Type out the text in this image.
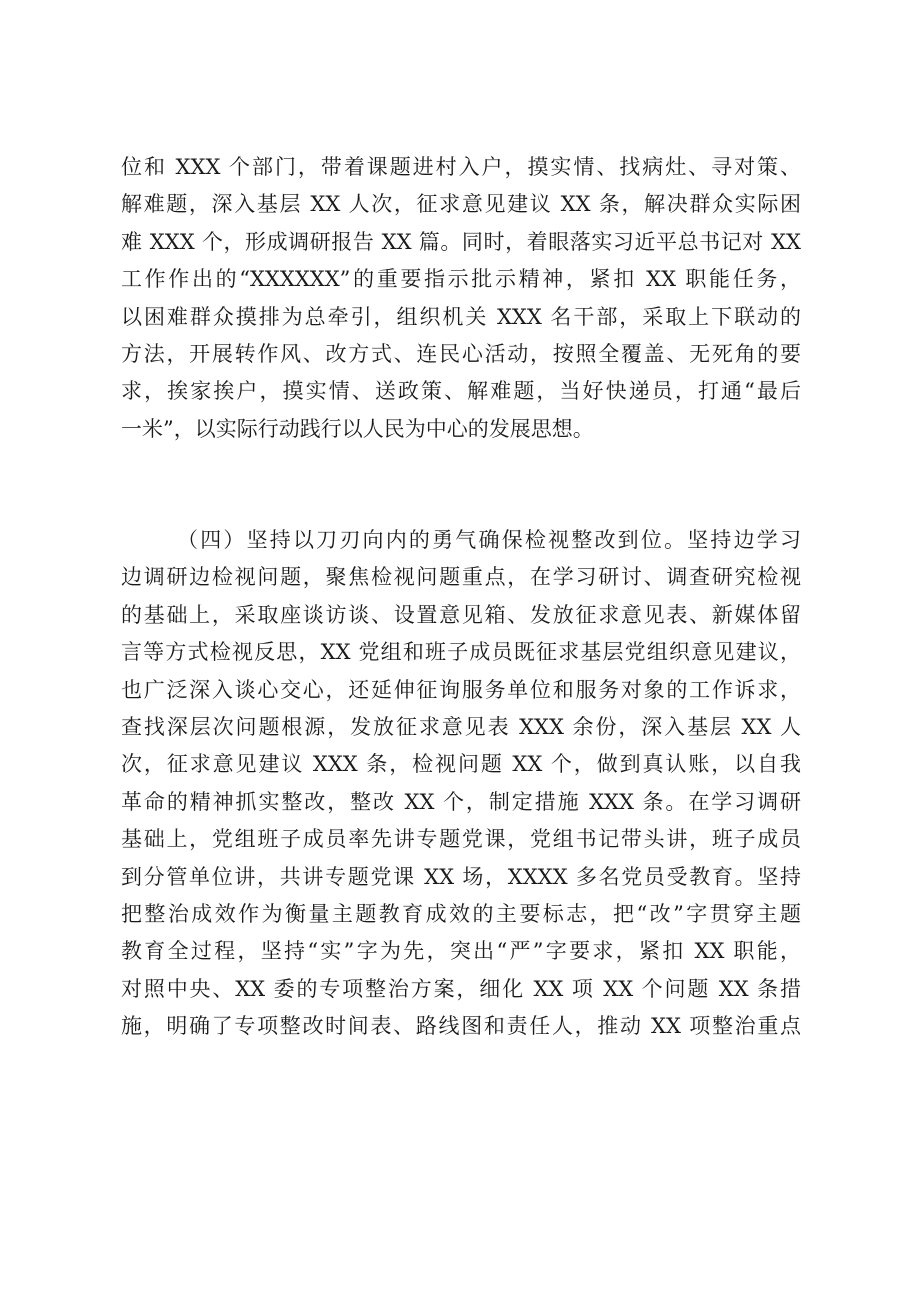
位和 XXX 个部门，带着课题进村入户，摸实情、找病灶、寻对策、
解难题，深入基层 XX 人次，征求意见建议 XX 条，解决群众实际困
难 XXX 个，形成调研报告 XX 篇。同时，着眼落实习近平总书记对 XX
工作作出的“XXXXXX”的重要指示批示精神，紧扣 XX 职能任务，
以困难群众摸排为总牵引，组织机关 XXX 名干部，采取上下联动的
方法，开展转作风、改方式、连民心活动，按照全覆盖、无死角的要
求，挨家挨户，摸实情、送政策、解难题，当好快递员，打通“最后
一米”，以实际行动践行以人民为中心的发展思想。
（四）坚持以刀刃向内的勇气确保检视整改到位。坚持边学习
边调研边检视问题，聚焦检视问题重点，在学习研讨、调查研究检视
的基础上，采取座谈访谈、设置意见箱、发放征求意见表、新媒体留
言等方式检视反思，XX 党组和班子成员既征求基层党组织意见建议，
也广泛深入谈心交心，还延伸征询服务单位和服务对象的工作诉求，
查找深层次问题根源，发放征求意见表 XXX 余份，深入基层 XX 人
次，征求意见建议 XXX 条，检视问题 XX 个，做到真认账，以自我
革命的精神抓实整改，整改 XX 个，制定措施 XXX 条。在学习调研
基础上，党组班子成员率先讲专题党课，党组书记带头讲，班子成员
到分管单位讲，共讲专题党课 XX 场，XXXX 多名党员受教育。坚持
把整治成效作为衡量主题教育成效的主要标志，把“改”字贯穿主题
教育全过程，坚持“实”字为先，突出“严”字要求，紧扣 XX 职能，
对照中央、XX 委的专项整治方案，细化 XX 项 XX 个问题 XX 条措
施，明确了专项整改时间表、路线图和责任人，推动 XX 项整治重点
